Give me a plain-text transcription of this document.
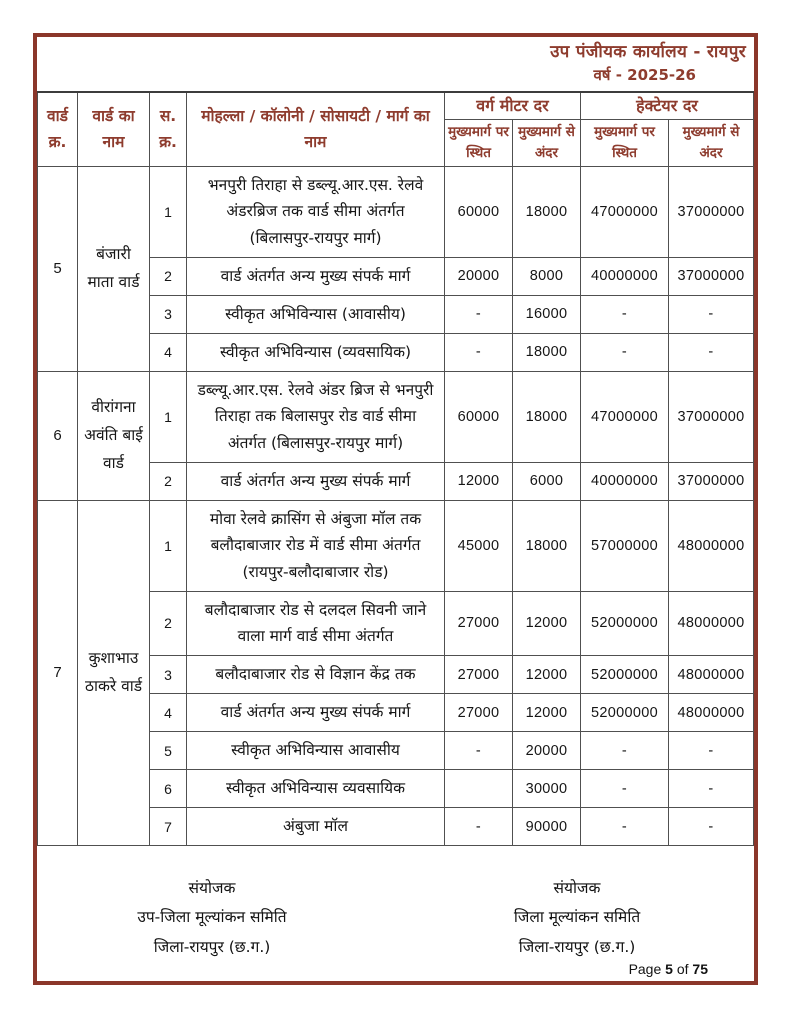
उप पंजीयक कार्यालय - रायपुर
वर्ष - 2025-26
वार्ड क्र.	वार्ड का नाम	स. क्र.	मोहल्ला / कॉलोनी / सोसायटी / मार्ग का नाम	वर्ग मीटर दर		हेक्टेयर दर	
				मुख्यमार्ग पर स्थित	मुख्यमार्ग से अंदर	मुख्यमार्ग पर स्थित	मुख्यमार्ग से अंदर
5	बंजारी माता वार्ड	1	भनपुरी तिराहा से डब्ल्यू.आर.एस. रेलवे अंडरब्रिज तक वार्ड सीमा अंतर्गत (बिलासपुर-रायपुर मार्ग)	60000	18000	47000000	37000000
		2	वार्ड अंतर्गत अन्य मुख्य संपर्क मार्ग	20000	8000	40000000	37000000
		3	स्वीकृत अभिविन्यास (आवासीय)	-	16000	-	-
		4	स्वीकृत अभिविन्यास (व्यवसायिक)	-	18000	-	-
6	वीरांगना अवंति बाई वार्ड	1	डब्ल्यू.आर.एस. रेलवे अंडर ब्रिज से भनपुरी तिराहा तक बिलासपुर रोड वार्ड सीमा अंतर्गत (बिलासपुर-रायपुर मार्ग)	60000	18000	47000000	37000000
		2	वार्ड अंतर्गत अन्य मुख्य संपर्क मार्ग	12000	6000	40000000	37000000
7	कुशाभाउ ठाकरे वार्ड	1	मोवा रेलवे क्रासिंग से अंबुजा मॉल तक बलौदाबाजार रोड में वार्ड सीमा अंतर्गत (रायपुर-बलौदाबाजार रोड)	45000	18000	57000000	48000000
		2	बलौदाबाजार रोड से दलदल सिवनी जाने वाला मार्ग वार्ड सीमा अंतर्गत	27000	12000	52000000	48000000
		3	बलौदाबाजार रोड से विज्ञान केंद्र तक	27000	12000	52000000	48000000
		4	वार्ड अंतर्गत अन्य मुख्य संपर्क मार्ग	27000	12000	52000000	48000000
		5	स्वीकृत अभिविन्यास आवासीय	-	20000	-	-
		6	स्वीकृत अभिविन्यास व्यवसायिक		30000	-	-
		7	अंबुजा मॉल	-	90000	-	-
संयोजक
उप-जिला मूल्यांकन समिति
जिला-रायपुर (छ.ग.)
संयोजक
जिला मूल्यांकन समिति
जिला-रायपुर (छ.ग.)
Page 5 of 75
